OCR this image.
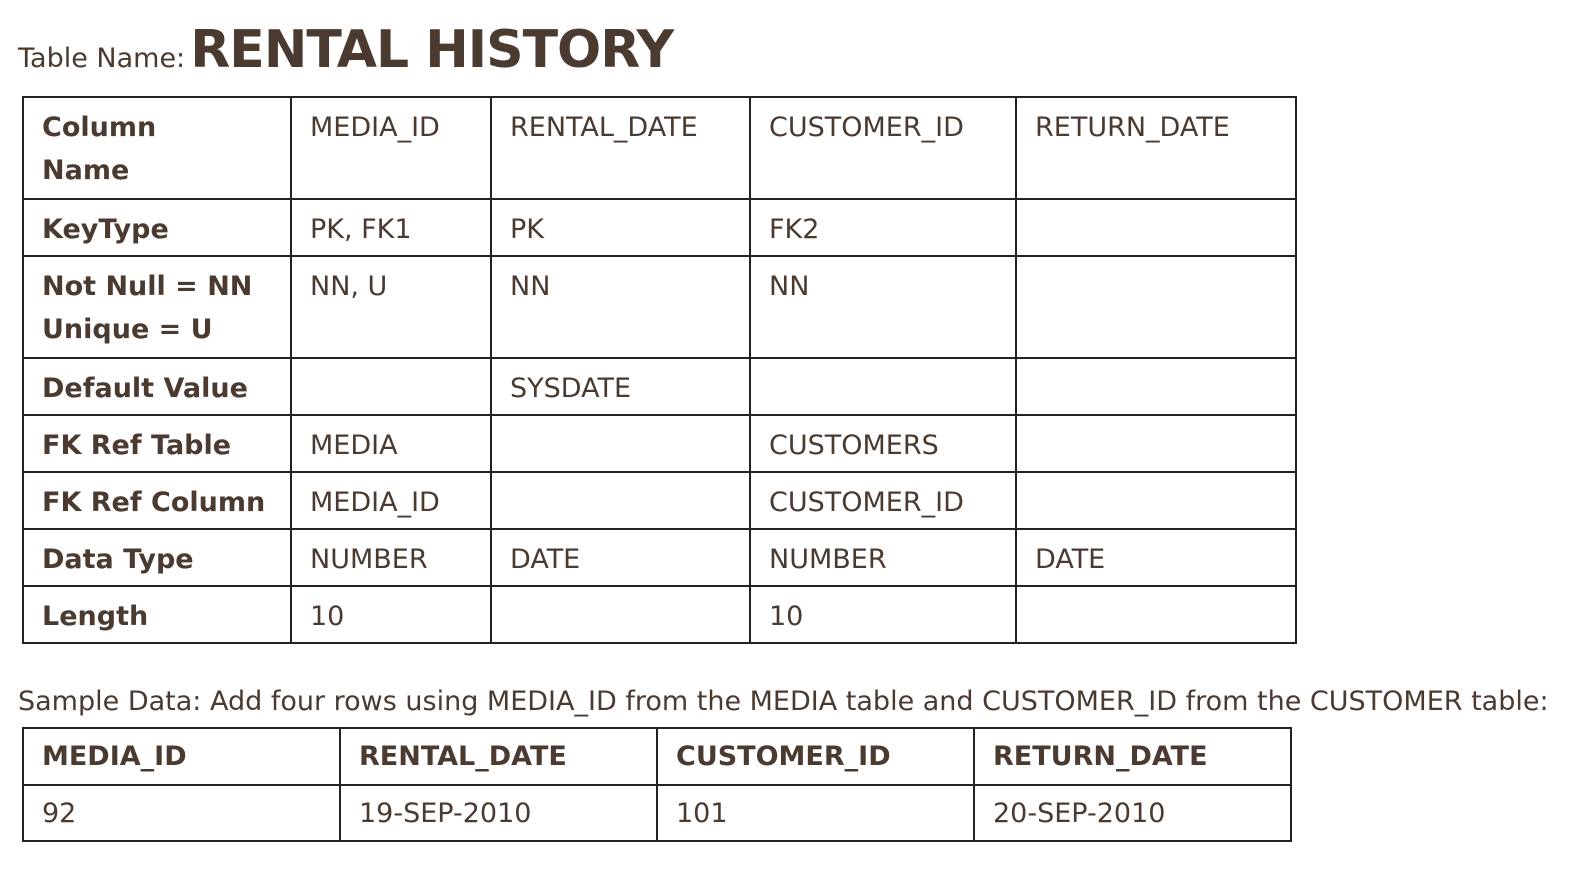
Table Name: RENTAL HISTORY
Column
Name	MEDIA_ID	RENTAL_DATE	CUSTOMER_ID	RETURN_DATE
KeyType	PK, FK1	PK	FK2	
Not Null = NN
Unique = U	NN, U	NN	NN	
Default Value		SYSDATE		
FK Ref Table	MEDIA		CUSTOMERS	
FK Ref Column	MEDIA_ID		CUSTOMER_ID	
Data Type	NUMBER	DATE	NUMBER	DATE
Length	10		10	
Sample Data: Add four rows using MEDIA_ID from the MEDIA table and CUSTOMER_ID from the CUSTOMER table:
MEDIA_ID	RENTAL_DATE	CUSTOMER_ID	RETURN_DATE
92	19-SEP-2010	101	20-SEP-2010
